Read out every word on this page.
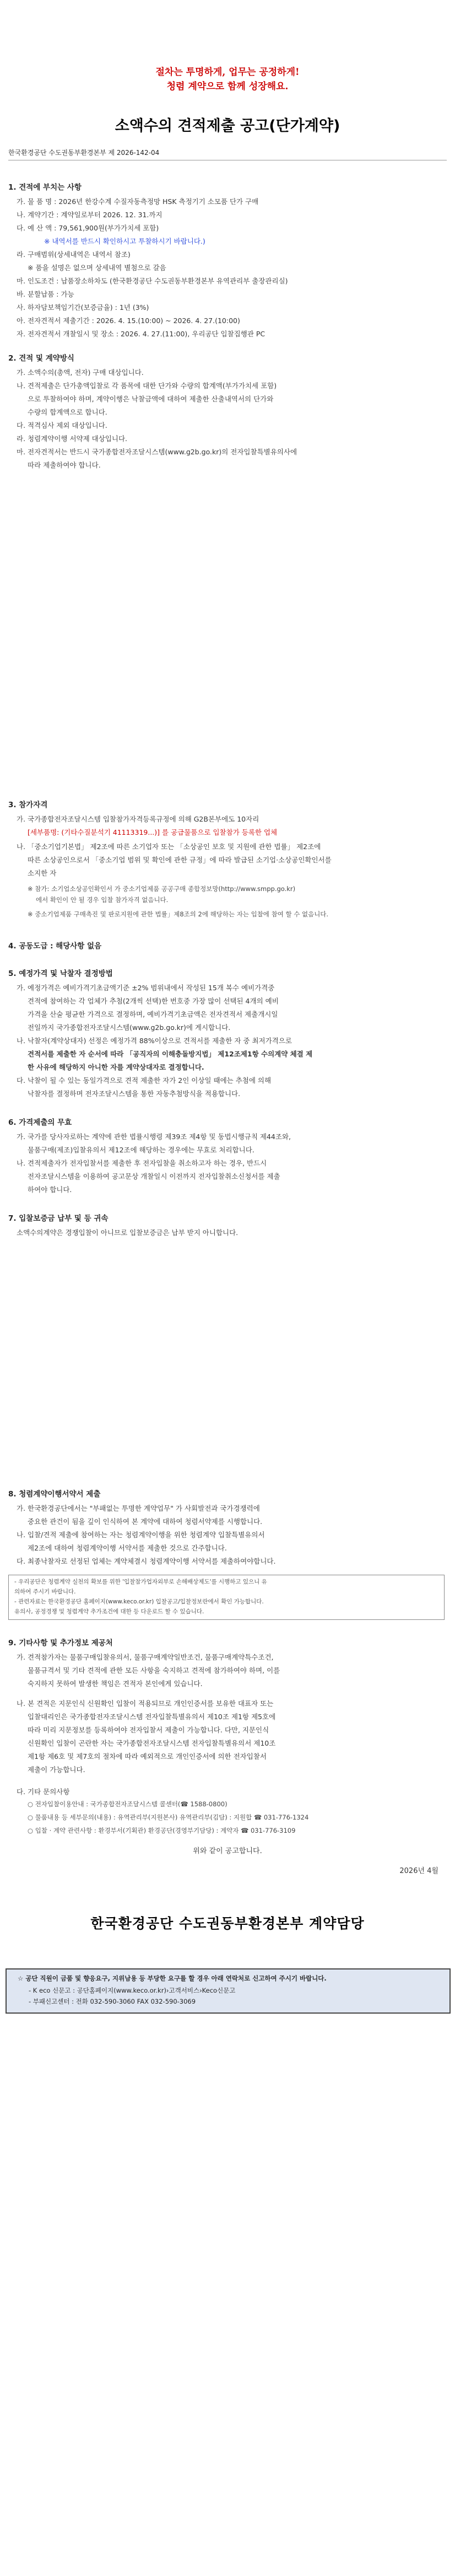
절차는 투명하게, 업무는 공정하게!
청렴 계약으로 함께 성장해요.
소액수의 견적제출 공고(단가계약)
한국환경공단 수도권동부환경본부 제 2026-142-04
1. 견적에 부치는 사항
가. 물 품 명 : 2026년 한강수계 수질자동측정망 HSK 측정기기 소모품 단가 구매
나. 계약기간 : 계약일로부터 2026. 12. 31.까지
다. 예 산 액 : 79,561,900원(부가가치세 포함)
※ 내역서를 반드시 확인하시고 투찰하시기 바랍니다.)
라. 구매범위(상세내역은 내역서 참조)
※ 품을 설명은 없으며 상세내역 별첨으로 갈음
마. 인도조건 : 납품장소하차도 (한국환경공단 수도권동부환경본부 유역관리부 출장관리실)
바. 분할납품 : 가능
사. 하자담보책임기간(보증금율) : 1년 (3%)
아. 전자견적서 제출기간 : 2026. 4. 15.(10:00) ~ 2026. 4. 27.(10:00)
자. 전자견적서 개찰일시 및 장소 : 2026. 4. 27.(11:00), 우리공단 입찰집행관 PC
2. 견적 및 계약방식
가. 소액수의(총액, 전자) 구매 대상입니다.
나. 견적제출은 단가총액입찰로 각 품목에 대한 단가와 수량의 합계액(부가가치세 포함)
으로 투찰하여야 하며, 계약이행은 낙찰금액에 대하여 제출한 산출내역서의 단가와
수량의 합계액으로 합니다.
다. 적격심사 제외 대상입니다.
라. 청렴계약이행 서약제 대상입니다.
마. 전자견적서는 반드시 국가종합전자조달시스템(www.g2b.go.kr)의 전자입찰특별유의사에
따라 제출하여야 합니다.
3. 참가자격
가. 국가종합전자조달시스템 입찰참가자격등록규정에 의해 G2B본부에도 10자리
[세부품명: (기타수질분석기 41113319...)] 를 공급물품으로 입찰참가 등록한 업체
나. 「중소기업기본법」 제2조에 따른 소기업자 또는 「소상공인 보호 및 지원에 관한 법률」 제2조에
따른 소상공인으로서 「중소기업 범위 및 확인에 관한 규정」에 따라 발급된 소기업·소상공인확인서를
소지한 자
※ 참가: 소기업소상공인확인서 가 중소기업제품 공공구매 종합정보망(http://www.smpp.go.kr)
에서 확인이 안 될 경우 입찰 참가자격 없음니다.
※ 중소기업제품 구매촉진 및 판로지원에 관한 법률」제8조의 2에 해당하는 자는 입찰에 참여 할 수 없음니다.
4. 공동도급 : 해당사항 없음
5. 예정가격 및 낙찰자 결정방법
가. 예정가격은 예비가격기초금액기준 ±2% 범위내에서 작성된 15개 복수 예비가격중
견적에 참여하는 각 업체가 추첨(2개씩 선택)한 번호중 가장 많이 선택된 4개의 예비
가격을 산술 평균한 가격으로 결정하며, 예비가격기초금액은 전자견적서 제출개시일
전일까지 국가종합전자조달시스템(www.g2b.go.kr)에 게시합니다.
나. 낙찰자(계약상대자) 선정은 예정가격 88%이상으로 견적서를 제출한 자 중 최저가격으로
견적서를 제출한 자 순서에 따라 「공직자의 이해충돌방지법」 제12조제1항 수의계약 체결 제
한 사유에 해당하지 아니한 자를 계약상대자로 결정합니다.
다. 낙찰이 될 수 있는 동일가격으로 견적 제출한 자가 2인 이상일 때에는 추첨에 의해
낙찰자를 결정하며 전자조달시스템을 통한 자동추첨방식을 적용합니다.
6. 가격제출의 무효
가. 국가를 당사자로하는 계약에 관한 법률시행령 제39조 제4항 및 동법시행규칙 제44조와,
물품구매(제조)입찰유의서 제12조에 해당하는 경우에는 무효로 처리합니다.
나. 견적제출자가 전자입찰서를 제출한 후 전자입찰을 취소하고자 하는 경우, 반드시
전자조달시스템을 이용하여 공고문상 개찰일시 이전까지 전자입찰취소신청서를 제출
하여야 합니다.
7. 입찰보증금 납부 및 등 귀속
소액수의계약은 경쟁입찰이 아니므로 입찰보증금은 납부 받지 아니합니다.
8. 청렴계약이행서약서 제출
가. 한국환경공단에서는 "부패없는 투명한 계약업무" 가 사회발전과 국가경쟁력에
중요한 관건이 됨을 깊이 인식하여 본 계약에 대하여 청렴서약제를 시행합니다.
나. 입찰/견적 제출에 참여하는 자는 청렴계약이행을 위한 청렴계약 입찰특별유의서
제2조에 대하여 청렴계약이행 서약서를 제출한 것으로 간주합니다.
다. 최종낙찰자로 선정된 업체는 계약체결시 청렴계약이행 서약서를 제출하여야합니다.
- 우리공단은 청렴계약 실천의 확보를 위한 '입찰참가업자외부로 손해배상제도'를 시행하고 있으니 유
의하여 주시기 바랍니다.
- 관련자료는 한국환경공단 홈페이지(www.keco.or.kr) 입찰공고/입찰정보란에서 확인 가능합니다.
유의사, 공정경쟁 및 청렴계약 추가조건에 대한 등 다운로드 할 수 있습니다.
9. 기타사항 및 추가정보 제공처
가. 견적참가자는 물품구매입찰유의서, 물품구매계약일반조건, 물품구매계약특수조건,
물품규격서 및 기타 견적에 관한 모든 사항을 숙지하고 견적에 참가하여야 하며, 이를
숙지하지 못하여 발생한 책임은 견적자 본인에게 있습니다.
나. 본 견적은 지문인식 신원확인 입찰이 적용되므로 개인인증서를 보유한 대표자 또는
입찰대리인은 국가종합전자조달시스템 전자입찰특별유의서 제10조 제1항 제5호에
따라 미리 지문정보를 등록하여야 전자입찰서 제출이 가능합니다. 다만, 지문인식
신원확인 입찰이 곤란한 자는 국가종합전자조달시스템 전자입찰특별유의서 제10조
제1항 제6호 및 제7호의 절차에 따라 예외적으로 개인인증서에 의한 전자입찰서
제출이 가능합니다.
다. 기타 문의사항
○ 전자입찰이용안내 : 국가종합전자조달시스템 콜센터(☎ 1588-0800)
○ 물품내용 등 세부문의(내용) : 유역관리부(지원본사) 유역관리부(김담) : 지원합 ☎ 031-776-1324
○ 입찰 · 계약 관련사항 : 환경부서(기획관) 환경공단(경영부기담당) : 계약자 ☎ 031-776-3109
위와 같이 공고합니다.
2026년 4월
한국환경공단 수도권동부환경본부 계약담당
☆ 공단 직원이 금품 및 향응요구, 지위남용 등 부당한 요구를 할 경우 아래 연락처로 신고하여 주시기 바랍니다.
- K eco 신문고 : 공단홈페이지(www.keco.or.kr)›고객서비스›Keco신문고
- 부패신고센터 : 전화 032-590-3060 FAX 032-590-3069
